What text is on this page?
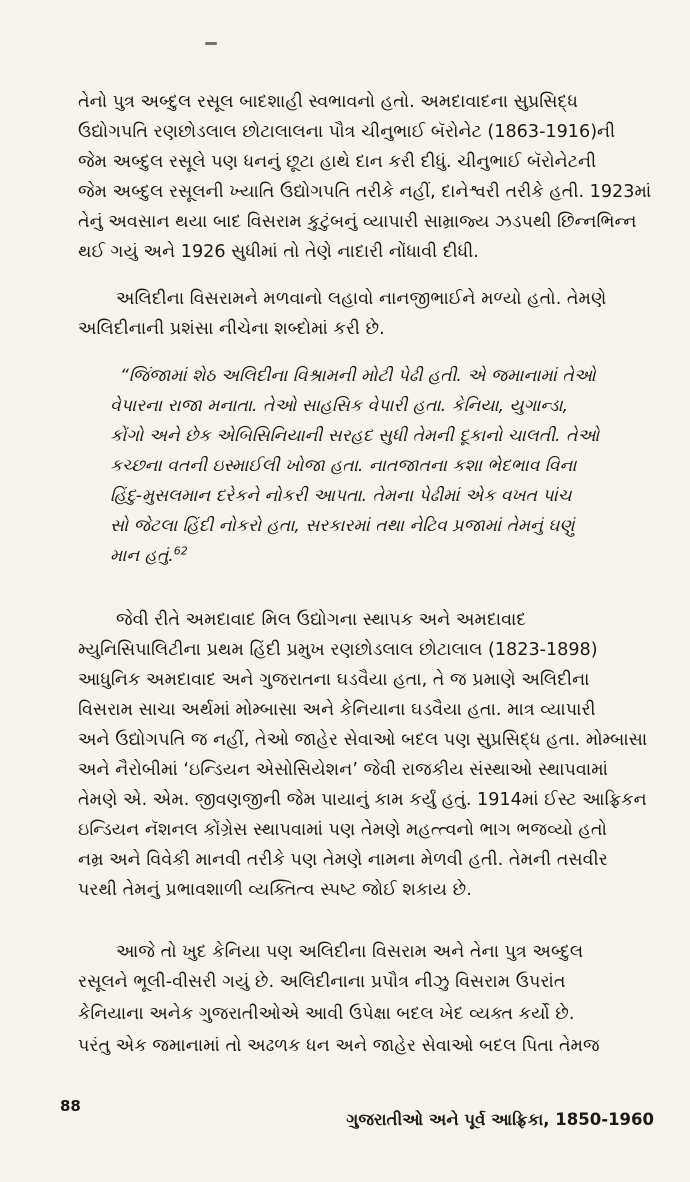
તેનો પુત્ર અબ્દુલ રસૂલ બાદશાહી સ્વભાવનો હતો. અમદાવાદના સુપ્રસિદ્ધ
ઉદ્યોગપતિ રણછોડલાલ છોટાલાલના પૌત્ર ચીનુભાઈ બૅરોનેટ (1863-1916)ની
જેમ અબ્દુલ રસૂલે પણ ધનનું છૂટા હાથે દાન કરી દીધું. ચીનુભાઈ બૅરોનેટની
જેમ અબ્દુલ રસૂલની ખ્યાતિ ઉદ્યોગપતિ તરીકે નહીં, દાનેશ્વરી તરીકે હતી. 1923માં
તેનું અવસાન થયા બાદ વિસરામ કુટુંબનું વ્યાપારી સામ્રાજ્ય ઝડપથી છિન્નભિન્ન
થઈ ગયું અને 1926 સુધીમાં તો તેણે નાદારી નોંધાવી દીધી.
અલિદીના વિસરામને મળવાનો લહાવો નાનજીભાઈને મળ્યો હતો. તેમણે
અલિદીનાની પ્રશંસા નીચેના શબ્દોમાં કરી છે.
“જિંજામાં શેઠ અલિદીના વિશ્રામની મોટી પેઢી હતી. એ જમાનામાં તેઓ
વેપારના રાજા મનાતા. તેઓ સાહસિક વેપારી હતા. કેનિયા, યુગાન્ડા,
કોંગો અને છેક એબિસિનિયાની સરહદ સુધી તેમની દૂકાનો ચાલતી. તેઓ
કચ્છના વતની ઇસ્માઈલી ખોજા હતા. નાતજાતના કશા ભેદભાવ વિના
હિંદુ-મુસલમાન દરેકને નોકરી આપતા. તેમના પેઢીમાં એક વખત પાંચ
સો જેટલા હિંદી નોકરો હતા, સરકારમાં તથા નેટિવ પ્રજામાં તેમનું ઘણું
માન હતું.$^{62}$
જેવી રીતે અમદાવાદ મિલ ઉદ્યોગના સ્થાપક અને અમદાવાદ
મ્યુનિસિપાલિટીના પ્રથમ હિંદી પ્રમુખ રણછોડલાલ છોટાલાલ (1823-1898)
આધુનિક અમદાવાદ અને ગુજરાતના ઘડવૈયા હતા, તે જ પ્રમાણે અલિદીના
વિસરામ સાચા અર્થમાં મોમ્બાસા અને કેનિયાના ઘડવૈયા હતા. માત્ર વ્યાપારી
અને ઉદ્યોગપતિ જ નહીં, તેઓ જાહેર સેવાઓ બદલ પણ સુપ્રસિદ્ધ હતા. મોમ્બાસા
અને નૈરોબીમાં ‘ઇન્ડિયન એસોસિયેશન’ જેવી રાજકીય સંસ્થાઓ સ્થાપવામાં
તેમણે એ. એમ. જીવણજીની જેમ પાયાનું કામ કર્યું હતું. 1914માં ઈસ્ટ આફ્રિકન
ઇન્ડિયન નૅશનલ કોંગ્રેસ સ્થાપવામાં પણ તેમણે મહત્ત્વનો ભાગ ભજવ્યો હતો
નમ્ર અને વિવેકી માનવી તરીકે પણ તેમણે નામના મેળવી હતી. તેમની તસવીર
પરથી તેમનું પ્રભાવશાળી વ્યક્તિત્વ સ્પષ્ટ જોઈ શકાય છે.
આજે તો ખુદ કેનિયા પણ અલિદીના વિસરામ અને તેના પુત્ર અબ્દુલ
રસૂલને ભૂલી-વીસરી ગયું છે. અલિદીનાના પ્રપૌત્ર નીઝુ વિસરામ ઉપરાંત
કેનિયાના અનેક ગુજરાતીઓએ આવી ઉપેક્ષા બદલ ખેદ વ્યક્ત કર્યો છે.
પરંતુ એક જમાનામાં તો અઢળક ધન અને જાહેર સેવાઓ બદલ પિતા તેમજ
88
ગુજરાતીઓ અને પૂર્વ આફ્રિકા, 1850-1960
